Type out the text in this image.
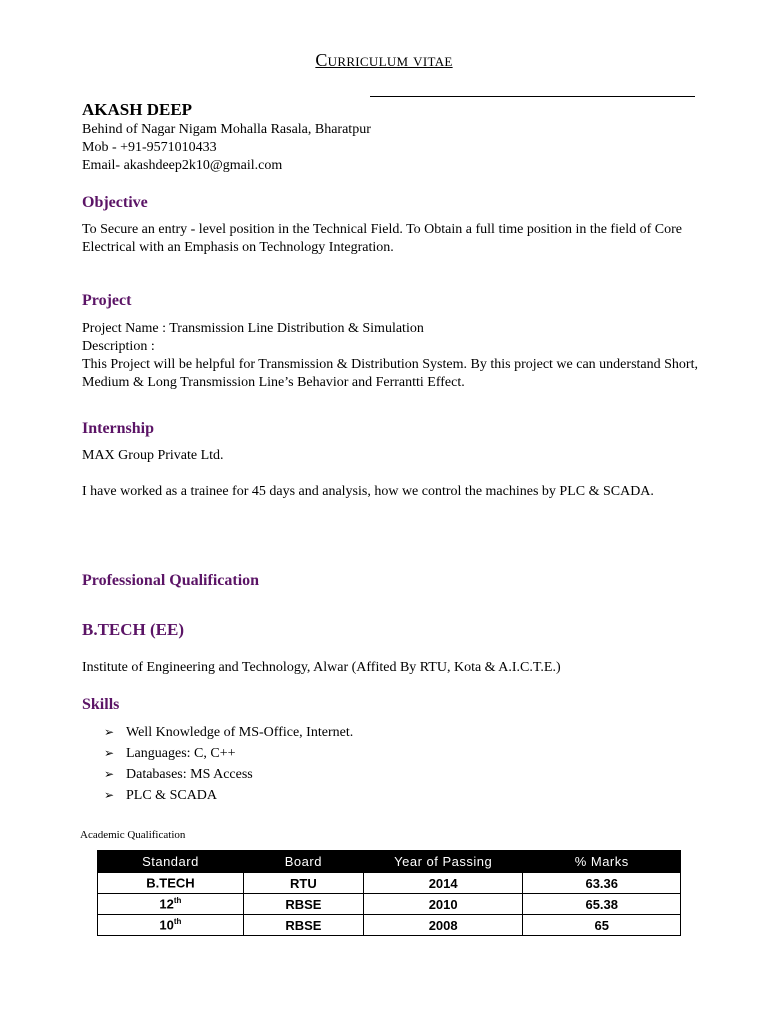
Curriculum vitae
AKASH DEEP
Behind of Nagar Nigam Mohalla Rasala, Bharatpur
Mob - +91-9571010433
Email- akashdeep2k10@gmail.com
Objective

To Secure an entry - level position in the Technical Field. To Obtain a full time position in the field of Core Electrical with an Emphasis on Technology Integration.

Project

Project Name : Transmission Line Distribution & Simulation

Description :

This Project will be helpful for Transmission & Distribution System. By this project we can understand Short, Medium & Long Transmission Line’s Behavior and Ferrantti Effect.

Internship

MAX Group Private Ltd.

I have worked as a trainee for 45 days and analysis, how we control the machines by PLC & SCADA.

Professional Qualification
B.TECH (EE)

Institute of Engineering and Technology, Alwar (Affited By RTU, Kota & A.I.C.T.E.)

Skills
➢ Well Knowledge of MS-Office, Internet.
➢ Languages: C, C++
➢ Databases: MS Access
➢ PLC & SCADA
Academic Qualification
Standard	Board	Year of Passing	% Marks
B.TECH	RTU	2014	63.36
12th	RBSE	2010	65.38
10th	RBSE	2008	65
